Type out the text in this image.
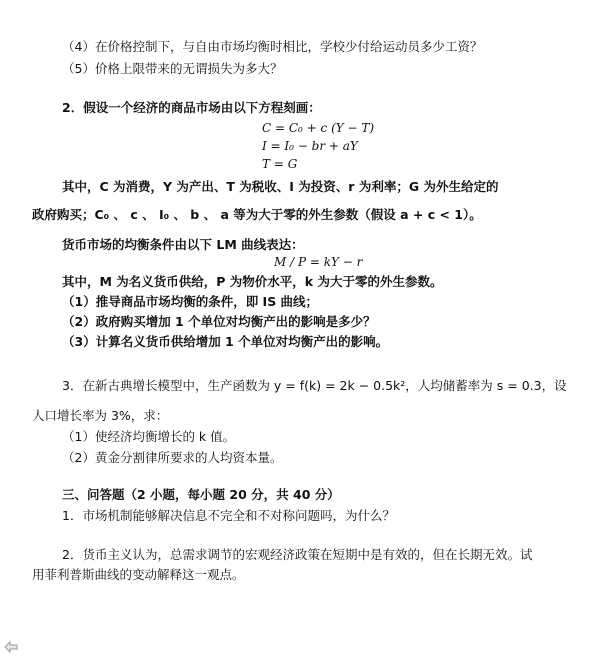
（4）在价格控制下，与自由市场均衡时相比，学校少付给运动员多少工资？
（5）价格上限带来的无谓损失为多大？
2．假设一个经济的商品市场由以下方程刻画：
C = C₀ + c (Y − T)
I = I₀ − br + aY
T = G
其中，C 为消费，Y 为产出、T 为税收、I 为投资、r 为利率；G 为外生给定的
政府购买；C₀ 、 c 、 I₀ 、 b 、 a 等为大于零的外生参数（假设 a + c < 1）。
货币市场的均衡条件由以下 LM 曲线表达：
M / P = kY − r
其中，M 为名义货币供给，P 为物价水平，k 为大于零的外生参数。
（1）推导商品市场均衡的条件，即 IS 曲线；
（2）政府购买增加 1 个单位对均衡产出的影响是多少？
（3）计算名义货币供给增加 1 个单位对均衡产出的影响。
3．在新古典增长模型中，生产函数为 y = f(k) = 2k − 0.5k²，人均储蓄率为 s = 0.3，设
人口增长率为 3%，求：
（1）使经济均衡增长的 k 值。
（2）黄金分割律所要求的人均资本量。
三、问答题（2 小题，每小题 20 分，共 40 分）
1．市场机制能够解决信息不完全和不对称问题吗，为什么？
2．货币主义认为，总需求调节的宏观经济政策在短期中是有效的，但在长期无效。试
用菲利普斯曲线的变动解释这一观点。
